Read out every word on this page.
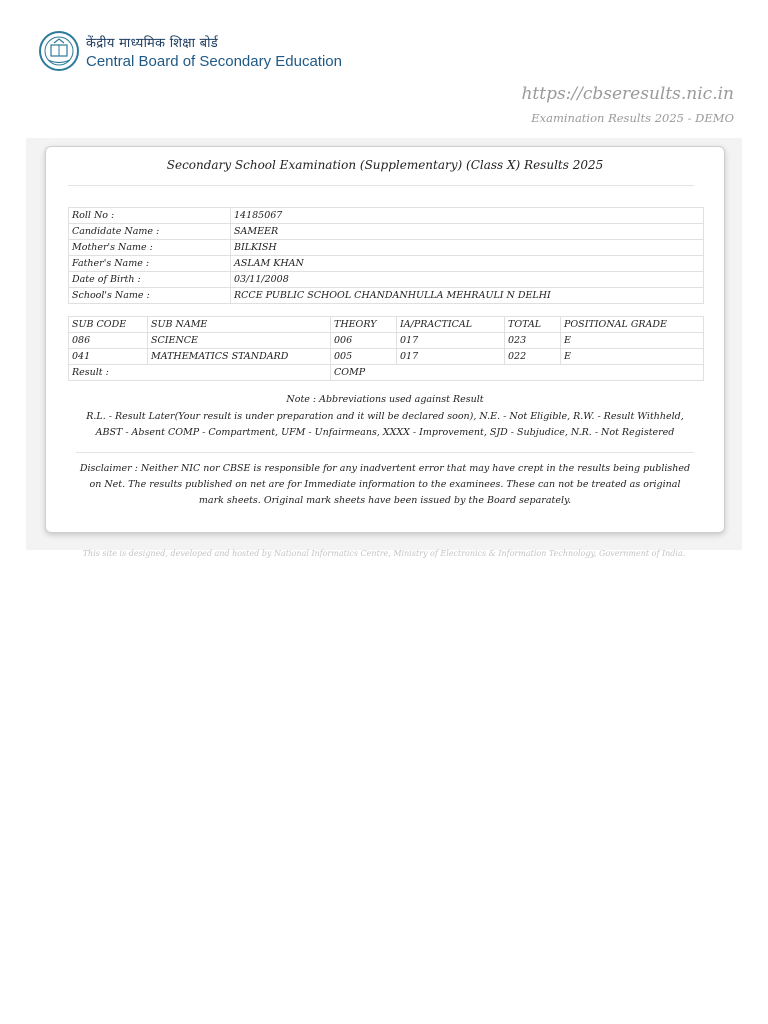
केंद्रीय माध्यमिक शिक्षा बोर्ड
Central Board of Secondary Education
https://cbseresults.nic.in
Examination Results 2025 - DEMO
Secondary School Examination (Supplementary) (Class X) Results 2025
Roll No :	14185067
Candidate Name :	SAMEER
Mother's Name :	BILKISH
Father's Name :	ASLAM KHAN
Date of Birth :	03/11/2008
School's Name :	RCCE PUBLIC SCHOOL CHANDANHULLA MEHRAULI N DELHI
SUB CODE	SUB NAME	THEORY	IA/PRACTICAL	TOTAL	POSITIONAL GRADE
086	SCIENCE	006	017	023	E
041	MATHEMATICS STANDARD	005	017	022	E
Result :		COMP			
Note : Abbreviations used against Result
R.L. - Result Later(Your result is under preparation and it will be declared soon), N.E. - Not Eligible, R.W. - Result Withheld, ABST - Absent COMP - Compartment, UFM - Unfairmeans, XXXX - Improvement, SJD - Subjudice, N.R. - Not Registered
Disclaimer : Neither NIC nor CBSE is responsible for any inadvertent error that may have crept in the results being published on Net. The results published on net are for Immediate information to the examinees. These can not be treated as original mark sheets. Original mark sheets have been issued by the Board separately.
This site is designed, developed and hosted by National Informatics Centre, Ministry of Electronics & Information Technology, Government of India.
